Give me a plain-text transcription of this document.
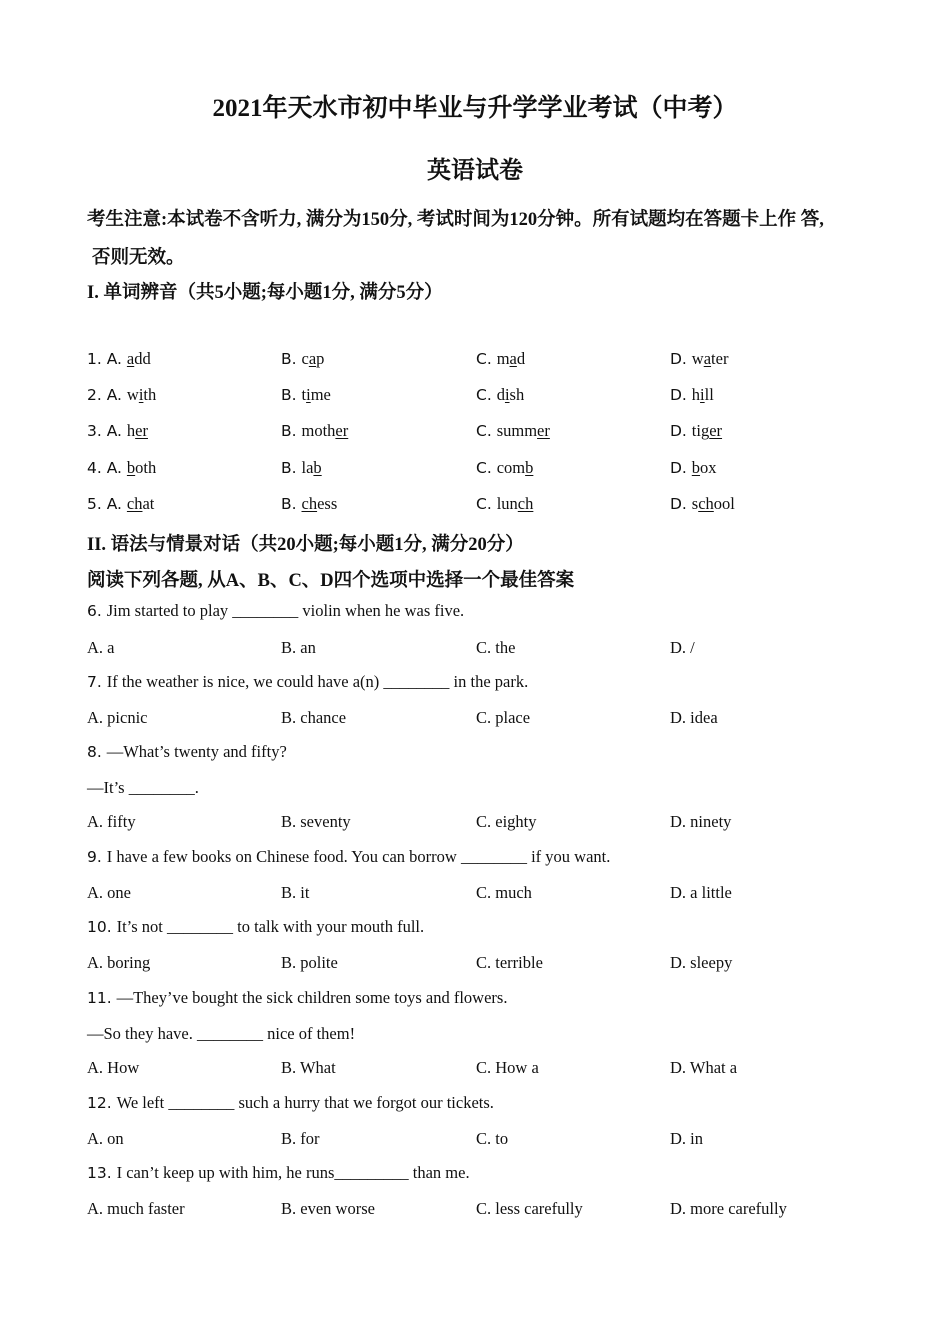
2021年天水市初中毕业与升学学业考试（中考）
英语试卷
考生注意:本试卷不含听力, 满分为150分, 考试时间为120分钟。所有试题均在答题卡上作 答,
否则无效。
I. 单词辨音（共5小题;每小题1分, 满分5分）
1. A. add	B. cap	C. mad	D. water
2. A. with	B. time	C. dish	D. hill
3. A. her	B. mother	C. summer	D. tiger
4. A. both	B. lab	C. comb	D. box
5. A. chat	B. chess	C. lunch	D. school
II. 语法与情景对话（共20小题;每小题1分, 满分20分）
阅读下列各题, 从A、B、C、D四个选项中选择一个最佳答案
6. Jim started to play ________ violin when he was five.
A. a	B. an	C. the	D. /
7. If the weather is nice, we could have a(n) ________ in the park.
A. picnic	B. chance	C. place	D. idea
8. —What’s twenty and fifty?
—It’s ________.
A. fifty	B. seventy	C. eighty	D. ninety
9. I have a few books on Chinese food. You can borrow ________ if you want.
A. one	B. it	C. much	D. a little
10. It’s not ________ to talk with your mouth full.
A. boring	B. polite	C. terrible	D. sleepy
11. —They’ve bought the sick children some toys and flowers.
—So they have. ________ nice of them!
A. How	B. What	C. How a	D. What a
12. We left ________ such a hurry that we forgot our tickets.
A. on	B. for	C. to	D. in
13. I can’t keep up with him, he runs_________ than me.
A. much faster	B. even worse	C. less carefully	D. more carefully
